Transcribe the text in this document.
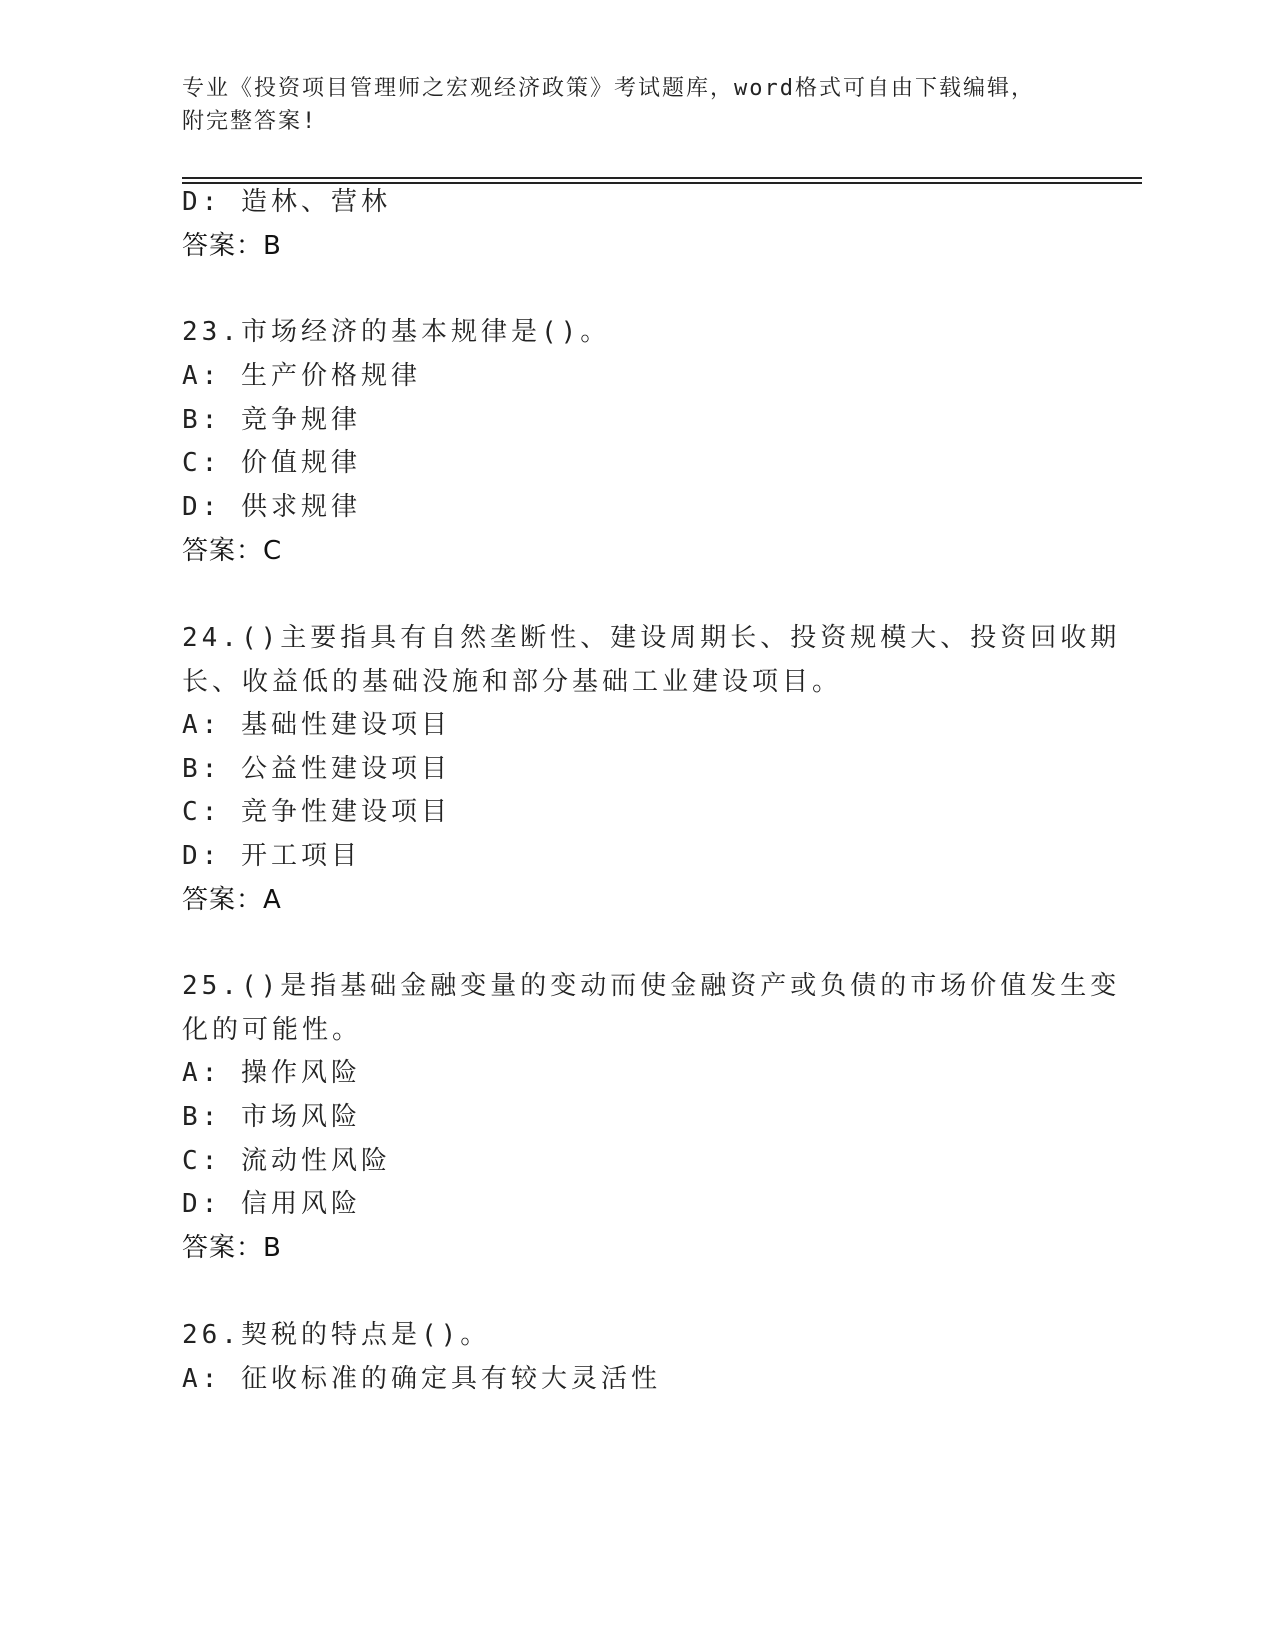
专业《投资项目管理师之宏观经济政策》考试题库，word格式可自由下载编辑，
附完整答案!
D: 造林、营林
答案：B
23.市场经济的基本规律是()。
A: 生产价格规律
B: 竞争规律
C: 价值规律
D: 供求规律
答案：C
24.()主要指具有自然垄断性、建设周期长、投资规模大、投资回收期
长、收益低的基础没施和部分基础工业建设项目。
A: 基础性建设项目
B: 公益性建设项目
C: 竞争性建设项目
D: 开工项目
答案：A
25.()是指基础金融变量的变动而使金融资产或负债的市场价值发生变
化的可能性。
A: 操作风险
B: 市场风险
C: 流动性风险
D: 信用风险
答案：B
26.契税的特点是()。
A: 征收标准的确定具有较大灵活性
